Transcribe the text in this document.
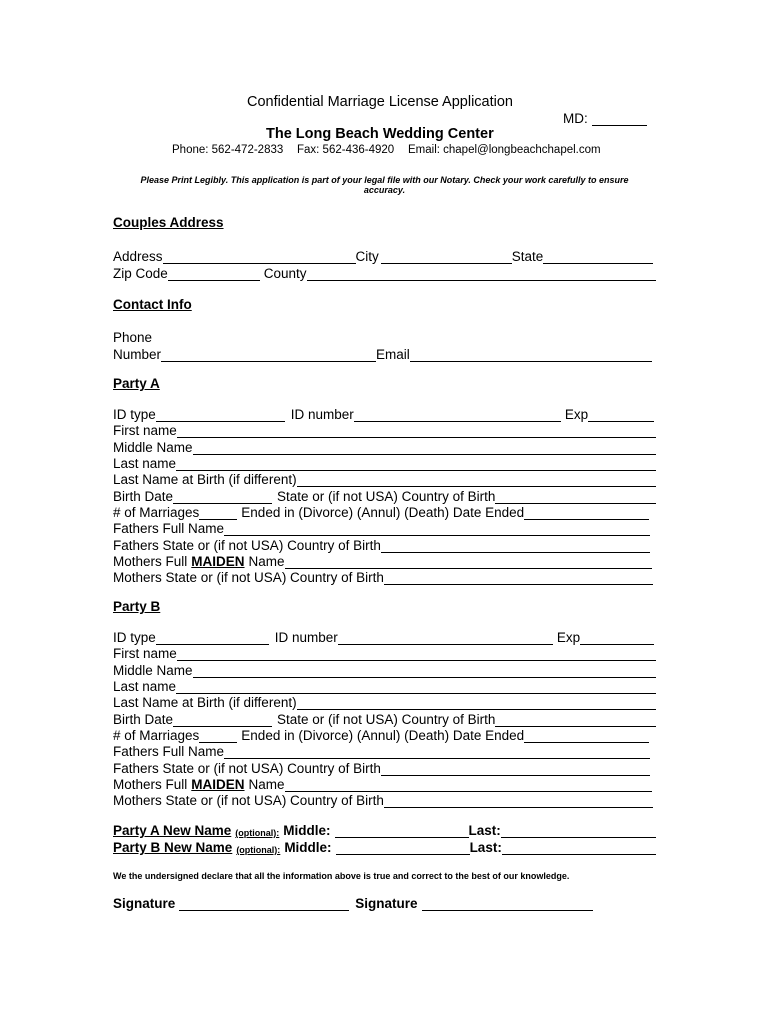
Confidential Marriage License Application
MD:
The Long Beach Wedding Center
Phone: 562-472-2833 Fax: 562-436-4920 Email: chapel@longbeachchapel.com
Please Print Legibly. This application is part of your legal file with our Notary. Check your work carefully to ensure
accuracy.
Couples Address
Address	City	State
Zip Code	County
Contact Info
Phone
Number	Email
Party A
ID type	ID number	Exp
First name
Middle Name
Last name
Last Name at Birth (if different)
Birth Date	State or (if not USA) Country of Birth
# of Marriages	Ended in (Divorce) (Annul) (Death) Date Ended
Fathers Full Name
Fathers State or (if not USA) Country of Birth
Mothers Full MAIDEN Name
Mothers State or (if not USA) Country of Birth
Party B
ID type	ID number	Exp
First name
Middle Name
Last name
Last Name at Birth (if different)
Birth Date	State or (if not USA) Country of Birth
# of Marriages	Ended in (Divorce) (Annul) (Death) Date Ended
Fathers Full Name
Fathers State or (if not USA) Country of Birth
Mothers Full MAIDEN Name
Mothers State or (if not USA) Country of Birth
Party A New Name (optional): Middle:	Last:
Party B New Name (optional): Middle:	Last:
We the undersigned declare that all the information above is true and correct to the best of our knowledge.
Signature	Signature
